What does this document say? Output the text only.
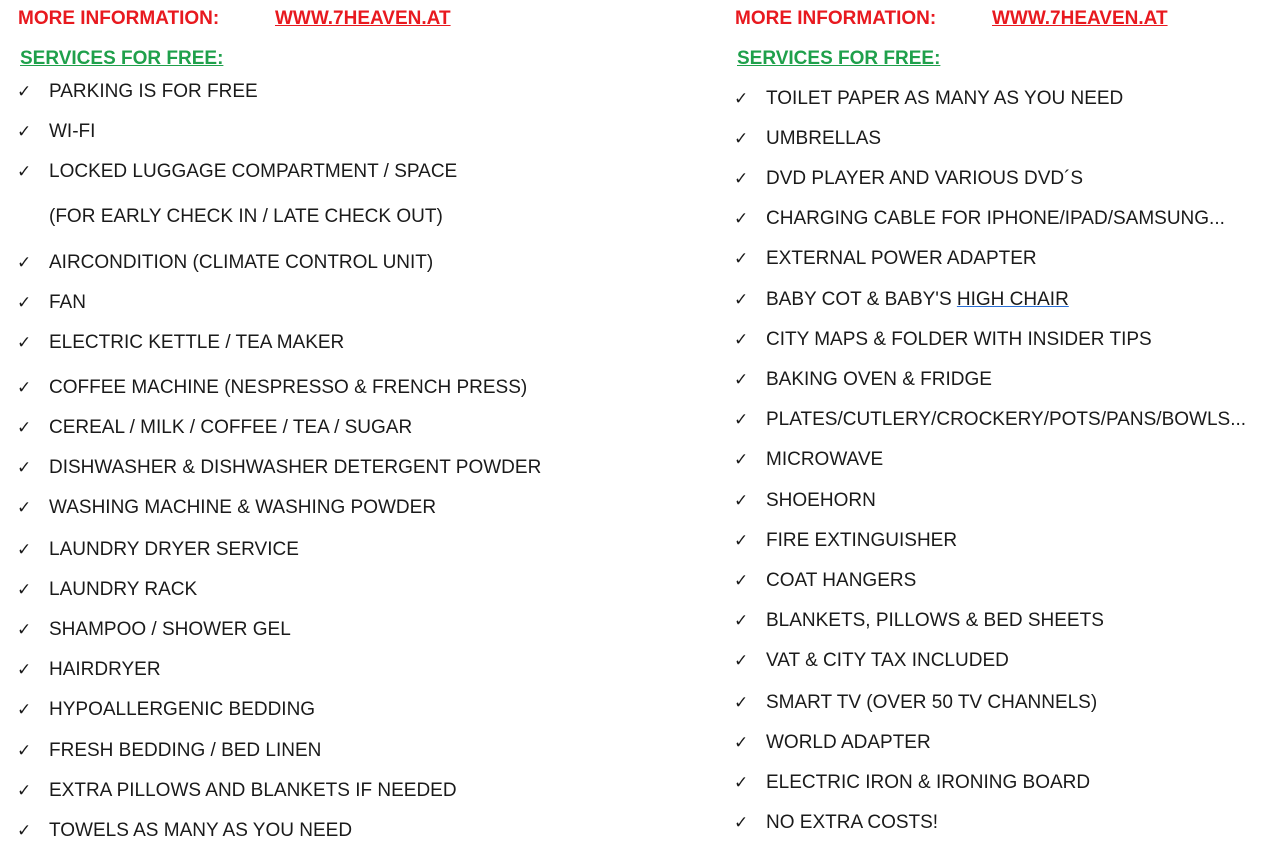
MORE INFORMATION:	WWW.7HEAVEN.AT
SERVICES FOR FREE:
✓ PARKING IS FOR FREE
✓ WI-FI
✓ LOCKED LUGGAGE COMPARTMENT / SPACE
(FOR EARLY CHECK IN / LATE CHECK OUT)
✓ AIRCONDITION (CLIMATE CONTROL UNIT)
✓ FAN
✓ ELECTRIC KETTLE / TEA MAKER
✓ COFFEE MACHINE (NESPRESSO & FRENCH PRESS)
✓ CEREAL / MILK / COFFEE / TEA / SUGAR
✓ DISHWASHER & DISHWASHER DETERGENT POWDER
✓ WASHING MACHINE & WASHING POWDER
✓ LAUNDRY DRYER SERVICE
✓ LAUNDRY RACK
✓ SHAMPOO / SHOWER GEL
✓ HAIRDRYER
✓ HYPOALLERGENIC BEDDING
✓ FRESH BEDDING / BED LINEN
✓ EXTRA PILLOWS AND BLANKETS IF NEEDED
✓ TOWELS AS MANY AS YOU NEED
MORE INFORMATION:	WWW.7HEAVEN.AT
SERVICES FOR FREE:
✓ TOILET PAPER AS MANY AS YOU NEED
✓ UMBRELLAS
✓ DVD PLAYER AND VARIOUS DVD´S
✓ CHARGING CABLE FOR IPHONE/IPAD/SAMSUNG...
✓ EXTERNAL POWER ADAPTER
✓ BABY COT & BABY'S HIGH CHAIR
✓ CITY MAPS & FOLDER WITH INSIDER TIPS
✓ BAKING OVEN & FRIDGE
✓ PLATES/CUTLERY/CROCKERY/POTS/PANS/BOWLS...
✓ MICROWAVE
✓ SHOEHORN
✓ FIRE EXTINGUISHER
✓ COAT HANGERS
✓ BLANKETS, PILLOWS & BED SHEETS
✓ VAT & CITY TAX INCLUDED
✓ SMART TV (OVER 50 TV CHANNELS)
✓ WORLD ADAPTER
✓ ELECTRIC IRON & IRONING BOARD
✓ NO EXTRA COSTS!
